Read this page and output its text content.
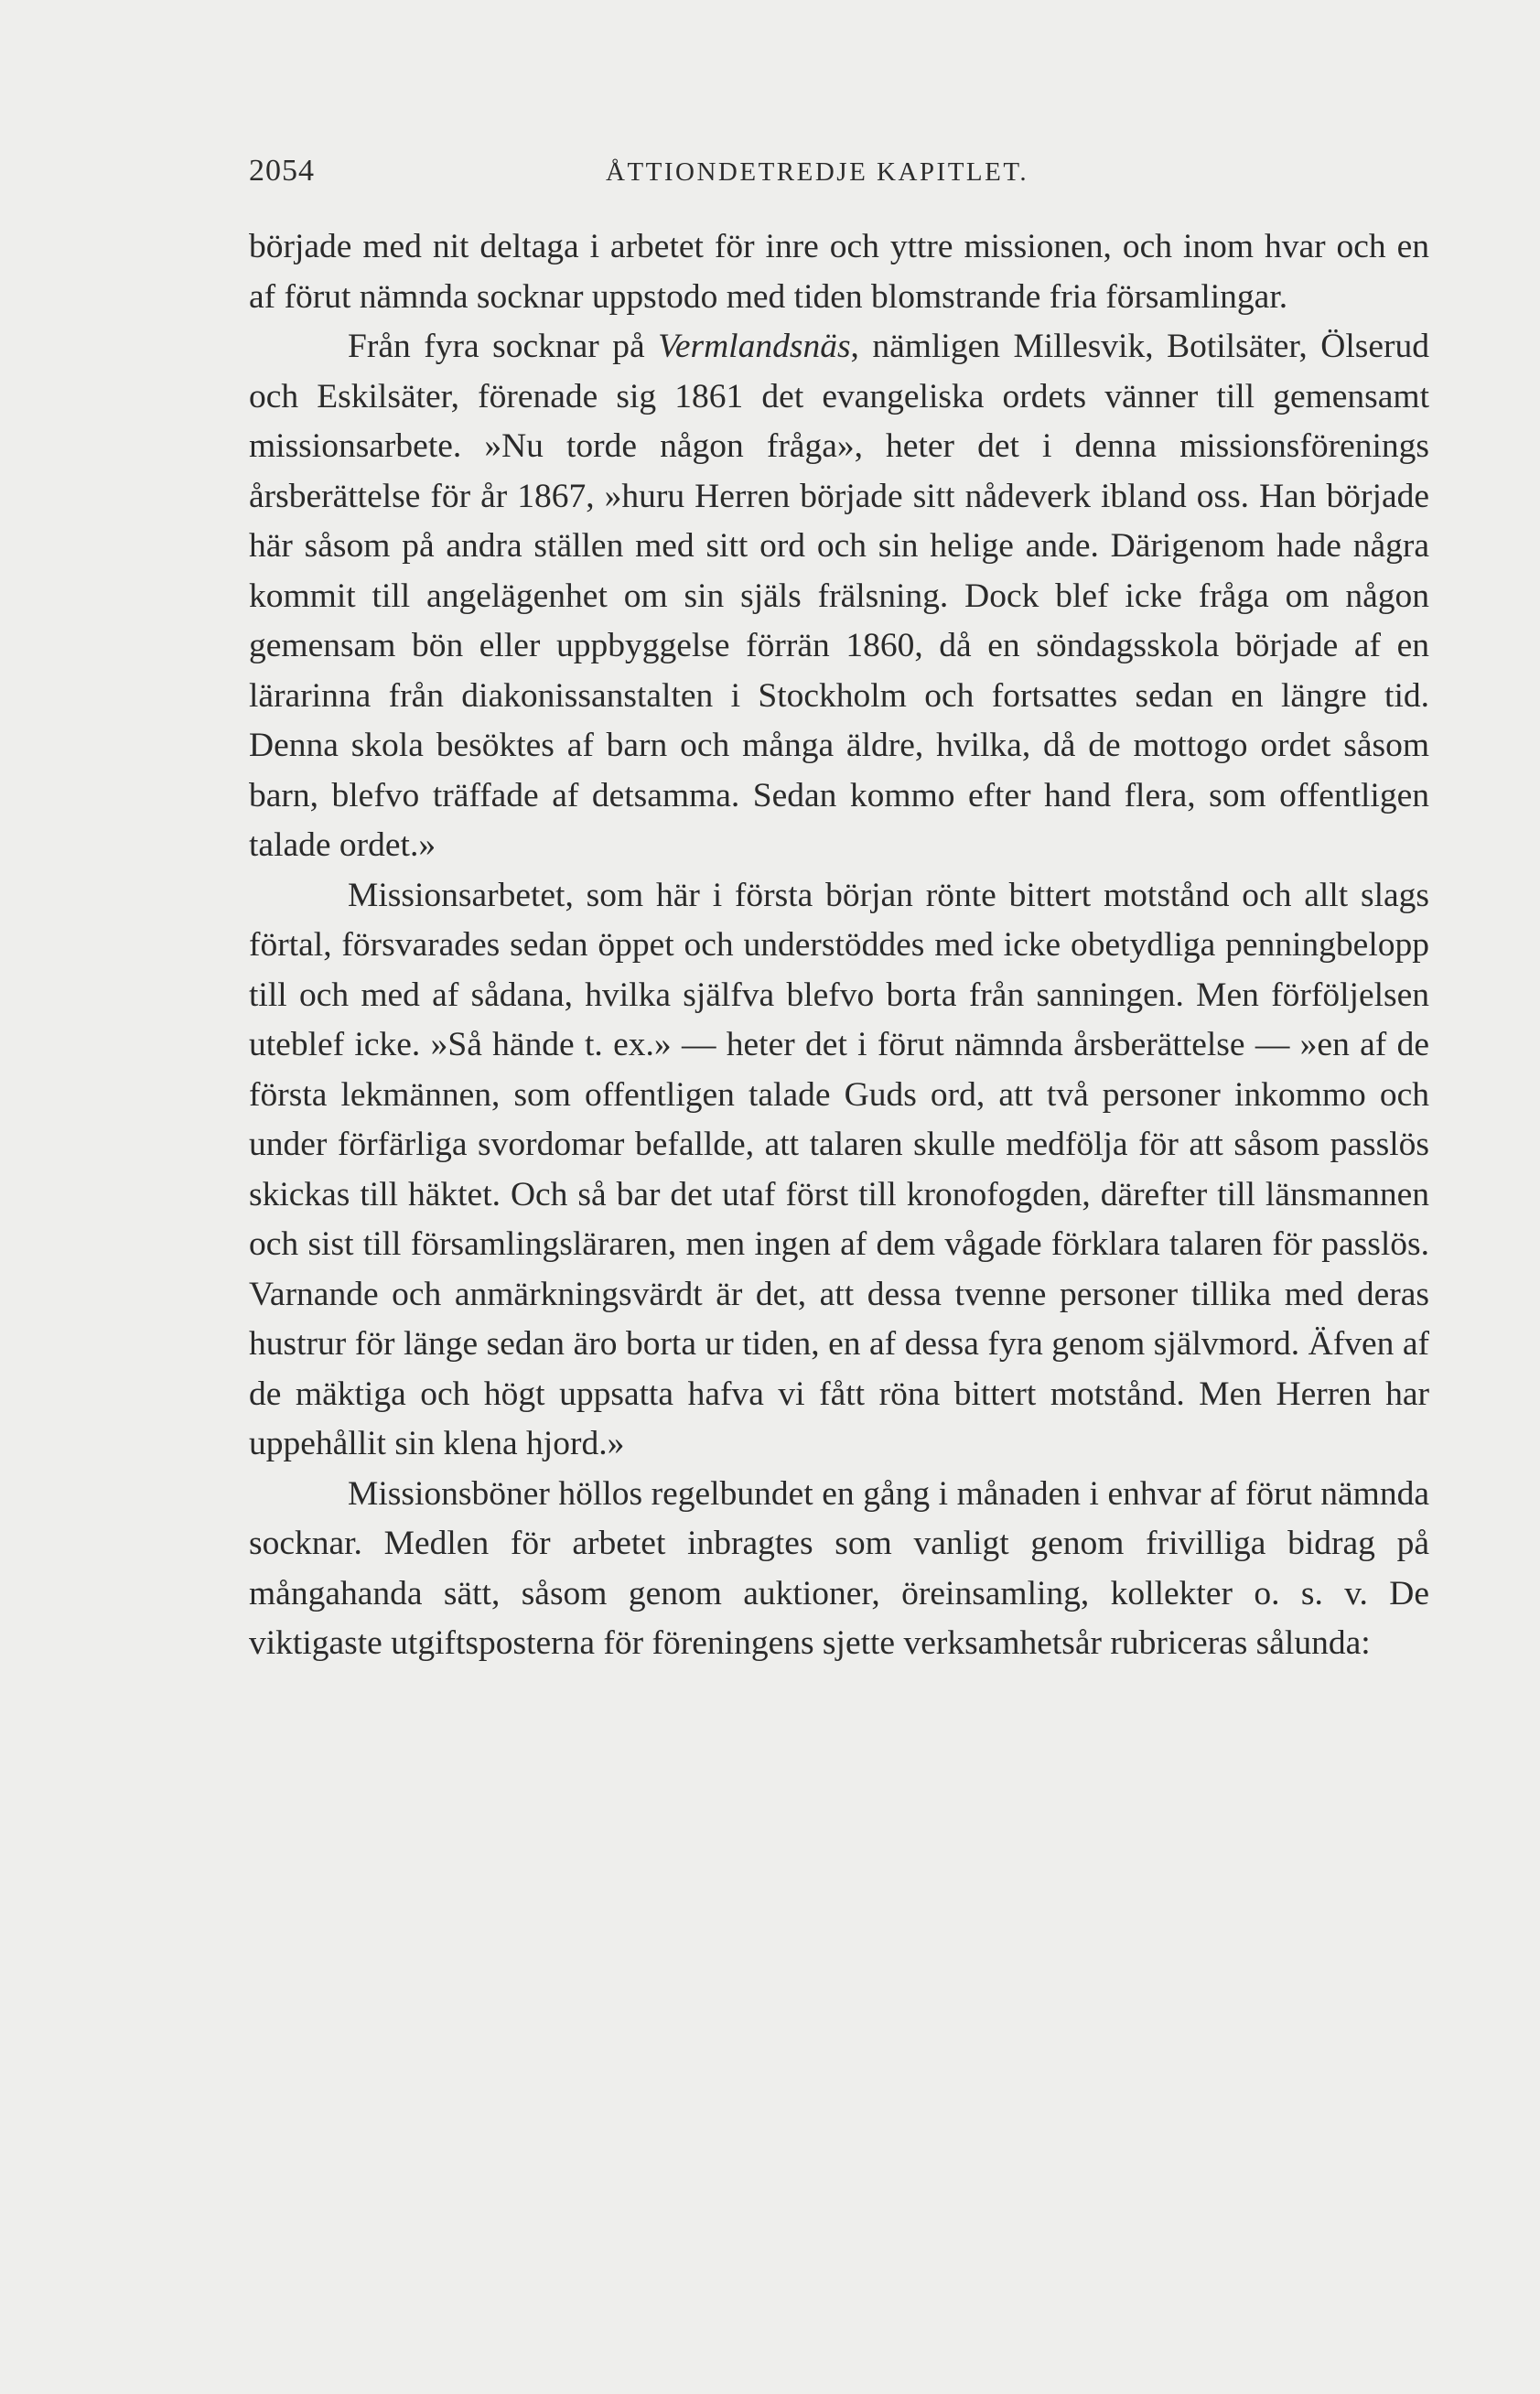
2054	ÅTTIONDETREDJE KAPITLET.

började med nit deltaga i arbetet för inre och yttre missionen, och inom hvar och en af förut nämnda socknar uppstodo med tiden blomstrande fria församlingar.

Från fyra socknar på Vermlandsnäs, nämligen Millesvik, Botilsäter, Ölserud och Eskilsäter, förenade sig 1861 det evangeliska ordets vänner till gemensamt missionsarbete. »Nu torde någon fråga», heter det i denna missionsförenings årsberättelse för år 1867, »huru Herren började sitt nådeverk ibland oss. Han började här såsom på andra ställen med sitt ord och sin helige ande. Därigenom hade några kommit till angelägenhet om sin själs frälsning. Dock blef icke fråga om någon gemensam bön eller uppbyggelse förrän 1860, då en söndagsskola började af en lärarinna från diakonissanstalten i Stockholm och fortsattes sedan en längre tid. Denna skola besöktes af barn och många äldre, hvilka, då de mottogo ordet såsom barn, blefvo träffade af detsamma. Sedan kommo efter hand flera, som offentligen talade ordet.»

Missionsarbetet, som här i första början rönte bittert motstånd och allt slags förtal, försvarades sedan öppet och understöddes med icke obetydliga penningbelopp till och med af sådana, hvilka själfva blefvo borta från sanningen. Men förföljelsen uteblef icke. »Så hände t. ex.» — heter det i förut nämnda årsberättelse — »en af de första lekmännen, som offentligen talade Guds ord, att två personer inkommo och under förfärliga svordomar befallde, att talaren skulle medfölja för att såsom passlös skickas till häktet. Och så bar det utaf först till kronofogden, därefter till länsmannen och sist till församlingsläraren, men ingen af dem vågade förklara talaren för passlös. Varnande och anmärkningsvärdt är det, att dessa tvenne personer tillika med deras hustrur för länge sedan äro borta ur tiden, en af dessa fyra genom självmord. Äfven af de mäktiga och högt uppsatta hafva vi fått röna bittert motstånd. Men Herren har uppehållit sin klena hjord.»

Missionsböner höllos regelbundet en gång i månaden i enhvar af förut nämnda socknar. Medlen för arbetet inbragtes som vanligt genom frivilliga bidrag på mångahanda sätt, såsom genom auktioner, öreinsamling, kollekter o. s. v. De viktigaste utgiftsposterna för föreningens sjette verksamhetsår rubriceras sålunda:
